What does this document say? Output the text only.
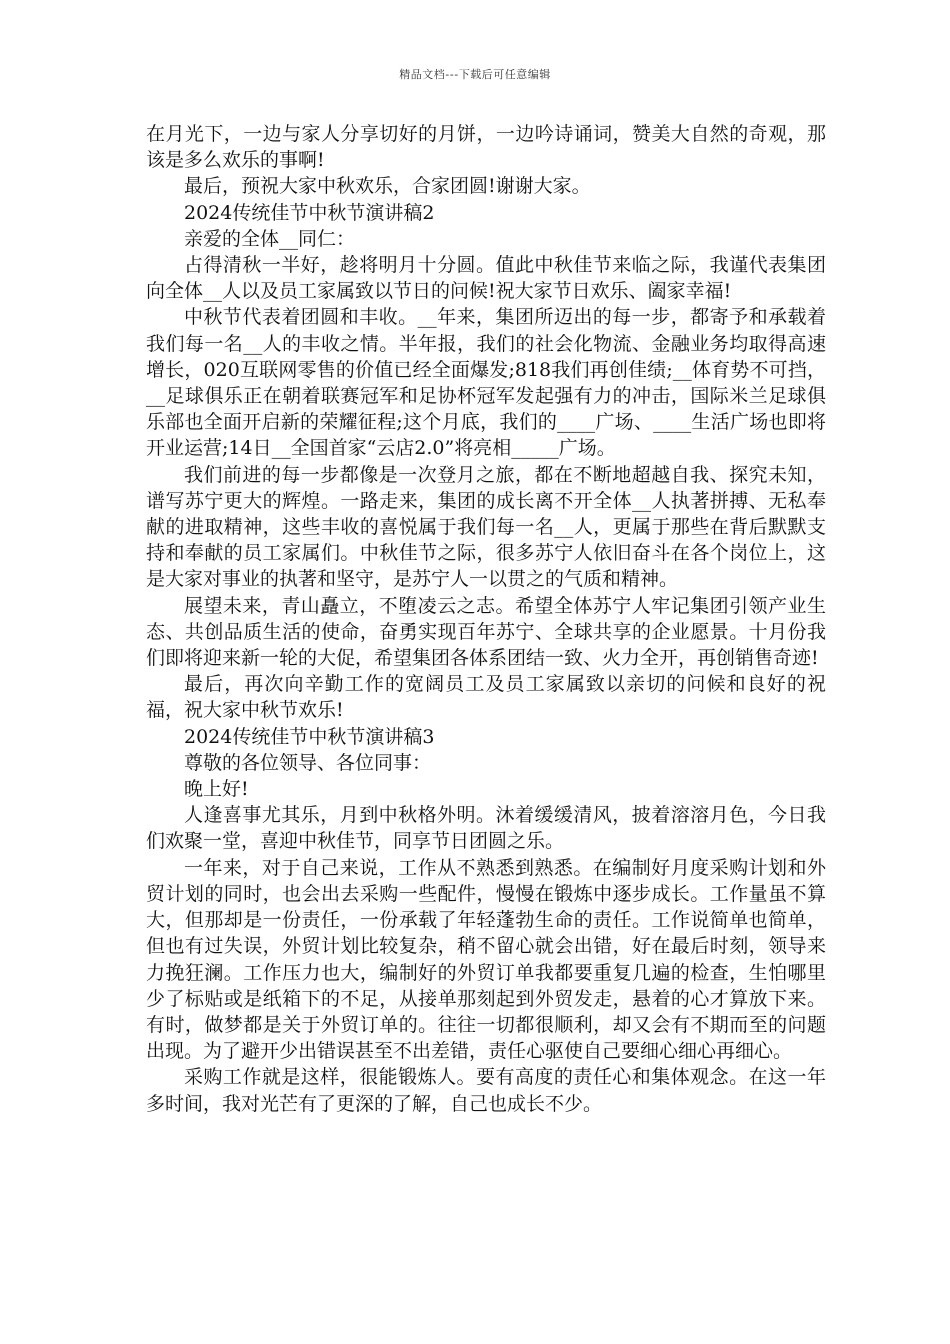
精品文档---下载后可任意编辑

在月光下，一边与家人分享切好的月饼，一边吟诗诵词，赞美大自然的奇观，那该是多么欢乐的事啊!

最后，预祝大家中秋欢乐，合家团圆!谢谢大家。

2024传统佳节中秋节演讲稿2

亲爱的全体__同仁：

占得清秋一半好，趁将明月十分圆。值此中秋佳节来临之际，我谨代表集团向全体__人以及员工家属致以节日的问候!祝大家节日欢乐、阖家幸福!

中秋节代表着团圆和丰收。__年来，集团所迈出的每一步，都寄予和承载着我们每一名__人的丰收之情。半年报，我们的社会化物流、金融业务均取得高速增长，020互联网零售的价值已经全面爆发;818我们再创佳绩;__体育势不可挡，__足球俱乐正在朝着联赛冠军和足协杯冠军发起强有力的冲击，国际米兰足球俱乐部也全面开启新的荣耀征程;这个月底，我们的____广场、____生活广场也即将开业运营;14日__全国首家“云店2.0”将亮相_____广场。

我们前进的每一步都像是一次登月之旅，都在不断地超越自我、探究未知，谱写苏宁更大的辉煌。一路走来，集团的成长离不开全体__人执著拼搏、无私奉献的进取精神，这些丰收的喜悦属于我们每一名__人，更属于那些在背后默默支持和奉献的员工家属们。中秋佳节之际，很多苏宁人依旧奋斗在各个岗位上，这是大家对事业的执著和坚守，是苏宁人一以贯之的气质和精神。

展望未来，青山矗立，不堕凌云之志。希望全体苏宁人牢记集团引领产业生态、共创品质生活的使命，奋勇实现百年苏宁、全球共享的企业愿景。十月份我们即将迎来新一轮的大促，希望集团各体系团结一致、火力全开，再创销售奇迹!

最后，再次向辛勤工作的宽阔员工及员工家属致以亲切的问候和良好的祝福，祝大家中秋节欢乐!

2024传统佳节中秋节演讲稿3

尊敬的各位领导、各位同事：

晚上好!

人逢喜事尤其乐，月到中秋格外明。沐着缓缓清风，披着溶溶月色，今日我们欢聚一堂，喜迎中秋佳节，同享节日团圆之乐。

一年来，对于自己来说，工作从不熟悉到熟悉。在编制好月度采购计划和外贸计划的同时，也会出去采购一些配件，慢慢在锻炼中逐步成长。工作量虽不算大，但那却是一份责任，一份承载了年轻蓬勃生命的责任。工作说简单也简单，但也有过失误，外贸计划比较复杂，稍不留心就会出错，好在最后时刻，领导来力挽狂澜。工作压力也大，编制好的外贸订单我都要重复几遍的检查，生怕哪里少了标贴或是纸箱下的不足，从接单那刻起到外贸发走，悬着的心才算放下来。有时，做梦都是关于外贸订单的。往往一切都很顺利，却又会有不期而至的问题出现。为了避开少出错误甚至不出差错，责任心驱使自己要细心细心再细心。

采购工作就是这样，很能锻炼人。要有高度的责任心和集体观念。在这一年多时间，我对光芒有了更深的了解，自己也成长不少。
